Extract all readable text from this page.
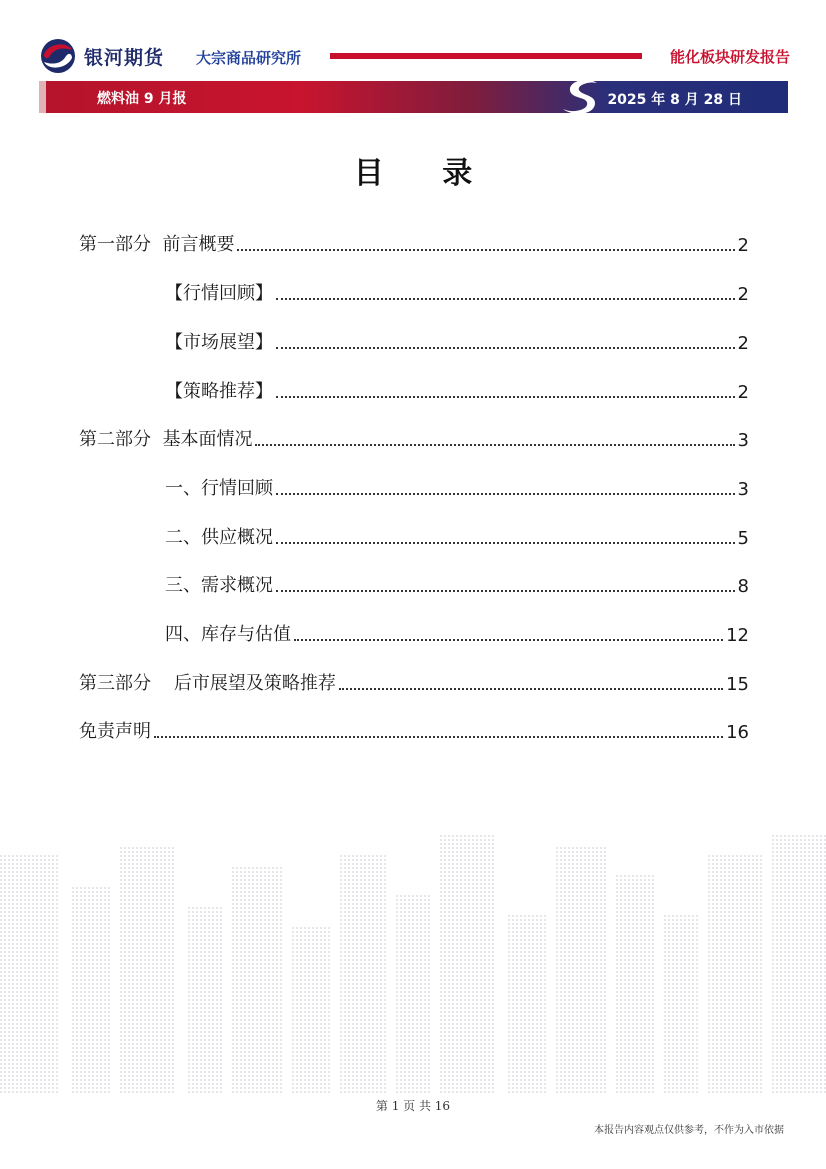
银河期货 大宗商品研究所	能化板块研发报告
燃料油 9 月报	2025 年 8 月 28 日
目 录
第一部分  前言概要	2
【行情回顾】	2
【市场展望】	2
【策略推荐】	2
第二部分  基本面情况	3
一、行情回顾	3
二、供应概况	5
三、需求概况	8
四、库存与估值	12
第三部分    后市展望及策略推荐	15
免责声明	16
第 1 页 共 16
本报告内容观点仅供参考，不作为入市依据
